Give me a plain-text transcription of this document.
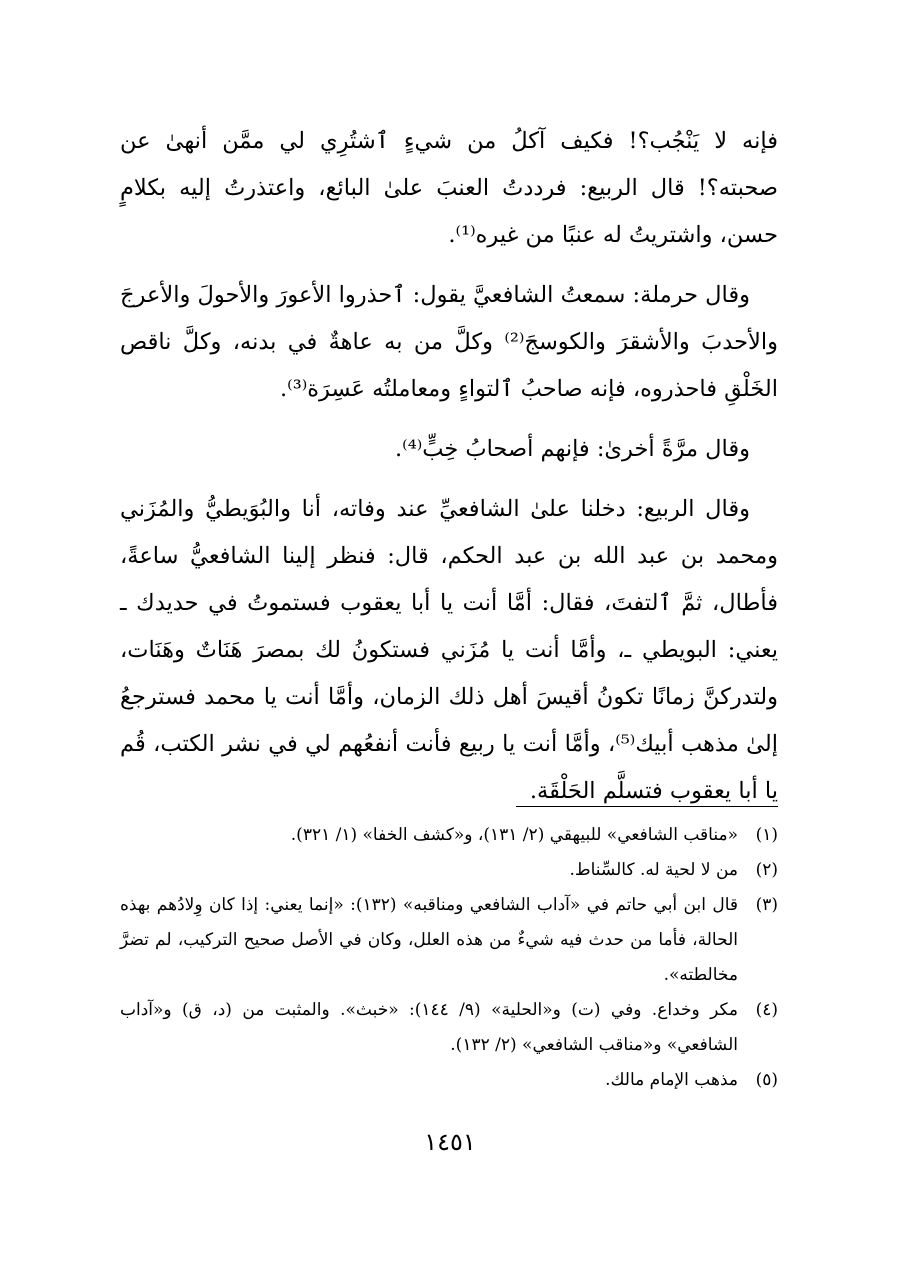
فإنه لا يَنْجُب؟! فكيف آكلُ من شيءٍ ٱشتُرِي لي ممَّن أنهىٰ عن صحبته؟! قال الربيع: فرددتُ العنبَ علىٰ البائع، واعتذرتُ إليه بكلامٍ حسن، واشتريتُ له عنبًا من غيره⁽¹⁾.

وقال حرملة: سمعتُ الشافعيَّ يقول: ٱحذروا الأعورَ والأحولَ والأعرجَ والأحدبَ والأشقرَ والكوسجَ⁽²⁾ وكلَّ من به عاهةٌ في بدنه، وكلَّ ناقص الخَلْقِ فاحذروه، فإنه صاحبُ ٱلتواءٍ ومعاملتُه عَسِرَة⁽³⁾.

وقال مرَّةً أخرىٰ: فإنهم أصحابُ خِبٍّ⁽⁴⁾.

وقال الربيع: دخلنا علىٰ الشافعيِّ عند وفاته، أنا والبُوَيطيُّ والمُزَني ومحمد بن عبد الله بن عبد الحكم، قال: فنظر إلينا الشافعيُّ ساعةً، فأطال، ثمَّ ٱلتفتَ، فقال: أمَّا أنت يا أبا يعقوب فستموتُ في حديدك ـ يعني: البويطي ـ، وأمَّا أنت يا مُزَني فستكونُ لك بمصرَ هَنَاتٌ وهَنَات، ولتدركنَّ زمانًا تكونُ أقيسَ أهل ذلك الزمان، وأمَّا أنت يا محمد فسترجعُ إلىٰ مذهب أبيك⁽⁵⁾، وأمَّا أنت يا ربيع فأنت أنفعُهم لي في نشر الكتب، قُم يا أبا يعقوب فتسلَّم الحَلْقَة.

(١)
«مناقب الشافعي» للبيهقي (٢/ ١٣١)، و«كشف الخفا» (١/ ٣٢١).
(٢)
من لا لحية له. كالسِّناط.
(٣)
قال ابن أبي حاتم في «آداب الشافعي ومناقبه» (١٣٢): «إنما يعني: إذا كان وِلادُهم بهذه الحالة، فأما من حدث فيه شيءٌ من هذه العلل، وكان في الأصل صحيح التركيب، لم تضرَّ مخالطته».
(٤)
مكر وخداع. وفي (ت) و«الحلية» (٩/ ١٤٤): «خبث». والمثبت من (د، ق) و«آداب الشافعي» و«مناقب الشافعي» (٢/ ١٣٢).
(٥)
مذهب الإمام مالك.
١٤٥١
